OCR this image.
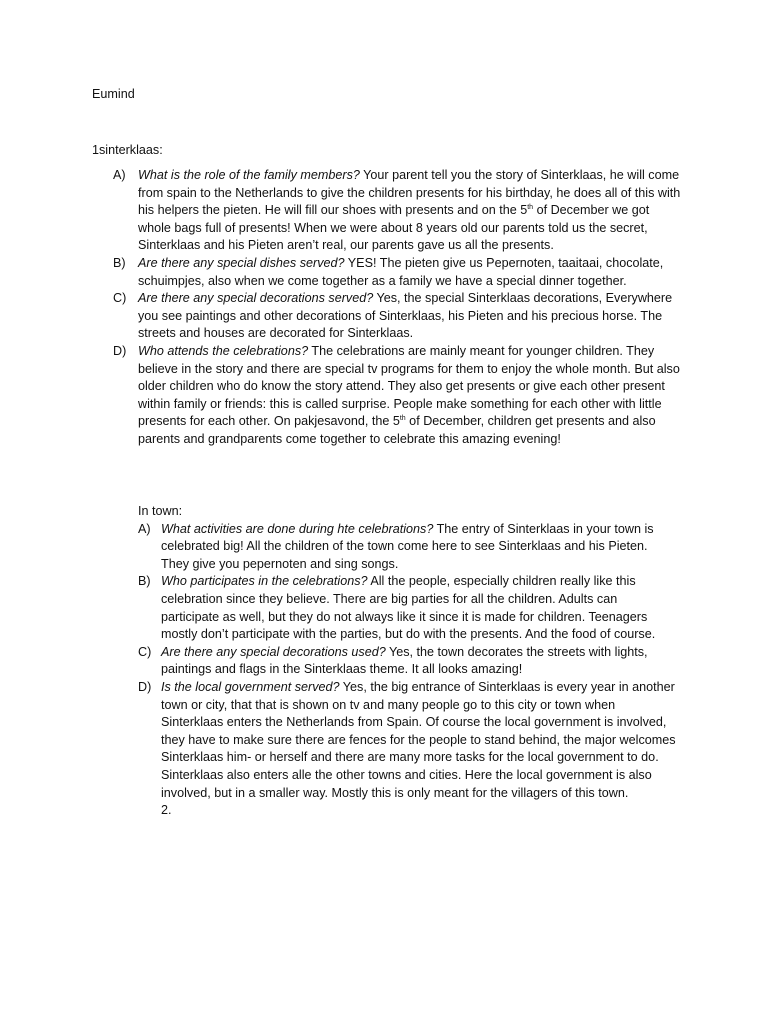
Eumind
1sinterklaas:

A) What is the role of the family members? Your parent tell you the story of Sinterklaas, he will come from spain to the Netherlands to give the children presents for his birthday, he does all of this with his helpers the pieten. He will fill our shoes with presents and on the 5th of December we got whole bags full of presents! When we were about 8 years old our parents told us the secret, Sinterklaas and his Pieten aren’t real, our parents gave us all the presents.

B) Are there any special dishes served? YES! The pieten give us Pepernoten, taaitaai, chocolate, schuimpjes, also when we come together as a family we have a special dinner together.

C) Are there any special decorations served? Yes, the special Sinterklaas decorations, Everywhere you see paintings and other decorations of Sinterklaas, his Pieten and his precious horse. The streets and houses are decorated for Sinterklaas.

D) Who attends the celebrations? The celebrations are mainly meant for younger children. They believe in the story and there are special tv programs for them to enjoy the whole month. But also older children who do know the story attend. They also get presents or give each other present within family or friends: this is called surprise. People make something for each other with little presents for each other. On pakjesavond, the 5th of December, children get presents and also parents and grandparents come together to celebrate this amazing evening!

In town:

A) What activities are done during hte celebrations? The entry of Sinterklaas in your town is celebrated big! All the children of the town come here to see Sinterklaas and his Pieten. They give you pepernoten and sing songs.

B) Who participates in the celebrations? All the people, especially children really like this celebration since they believe. There are big parties for all the children. Adults can participate as well, but they do not always like it since it is made for children. Teenagers mostly don’t participate with the parties, but do with the presents. And the food of course.

C) Are there any special decorations used? Yes, the town decorates the streets with lights, paintings and flags in the Sinterklaas theme. It all looks amazing!

D) Is the local government served? Yes, the big entrance of Sinterklaas is every year in another town or city, that that is shown on tv and many people go to this city or town when Sinterklaas enters the Netherlands from Spain. Of course the local government is involved, they have to make sure there are fences for the people to stand behind, the major welcomes Sinterklaas him- or herself and there are many more tasks for the local government to do. Sinterklaas also enters alle the other towns and cities. Here the local government is also involved, but in a smaller way. Mostly this is only meant for the villagers of this town.

2.
